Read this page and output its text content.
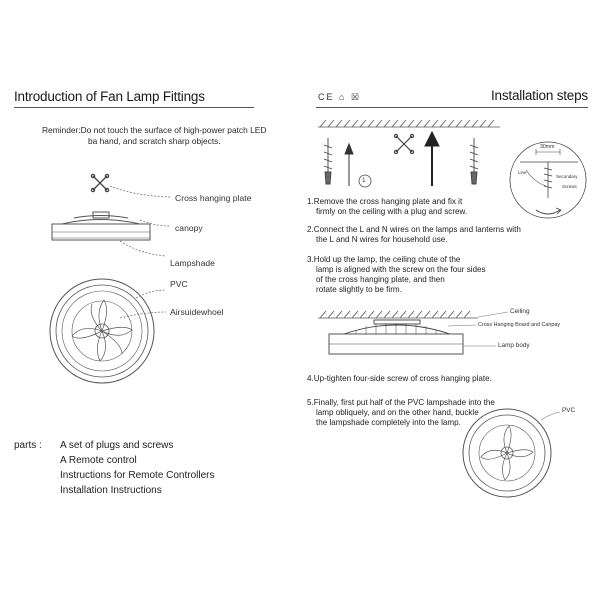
Introduction of Fan Lamp Fittings
Reminder:Do not touch the surface of high-power patch LED
ba hand, and scratch sharp objects.
Cross hanging plate
canopy
Lampshade
PVC
Airsuidewhoel
parts : A set of plugs and screws
A Remote control
Instructions for Remote Controllers
Installation Instructions
CE ⌂ ☒	Installation steps
1
30mm
Line
Secondary
Screws
1.Remove the cross hanging plate and fix it
firmly on the ceiling with a plug and screw.
2.Connect the L and N wires on the lamps and lanterns with
the L and N wires for household use.
3.Hold up the lamp, the ceiling chute of the
lamp is aligned with the screw on the four sides
of the cross hanging plate, and then
rotate slightly to be firm.
Ceiling
Cross Hanging Board and Canpay
Lamp body
4.Up-tighten four-side screw of cross hanging plate.
5.Finally, first put half of the PVC lampshade into the
lamp obliquely, and on the other hand, buckle
the lampshade completely into the lamp.
PVC
